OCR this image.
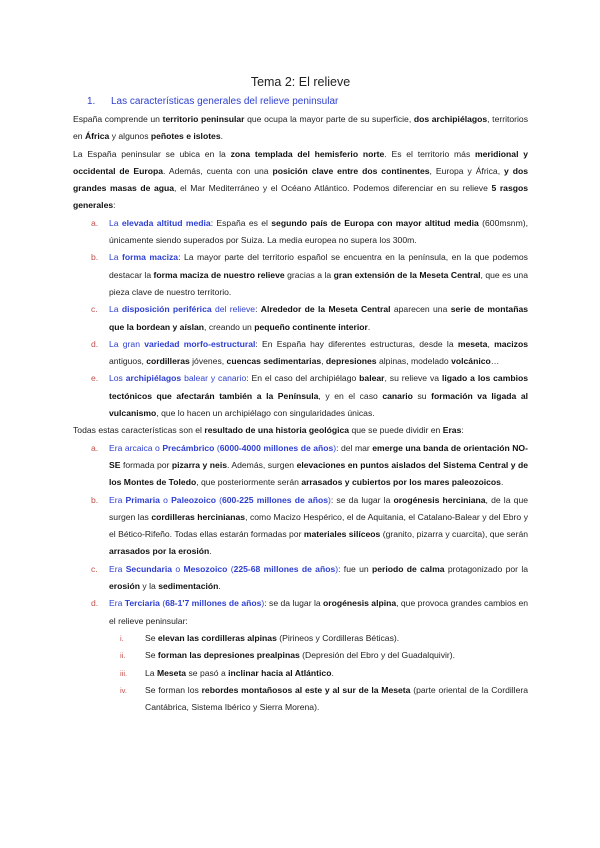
Tema 2: El relieve
1. Las características generales del relieve peninsular

España comprende un territorio peninsular que ocupa la mayor parte de su superficie, dos archipiélagos, territorios en África y algunos peñotes e islotes.

La España peninsular se ubica en la zona templada del hemisferio norte. Es el territorio más meridional y occidental de Europa. Además, cuenta con una posición clave entre dos continentes, Europa y África, y dos grandes masas de agua, el Mar Mediterráneo y el Océano Atlántico. Podemos diferenciar en su relieve 5 rasgos generales:

a. La elevada altitud media: España es el segundo país de Europa con mayor altitud media (600msnm), únicamente siendo superados por Suiza. La media europea no supera los 300m.
b. La forma maciza: La mayor parte del territorio español se encuentra en la península, en la que podemos destacar la forma maciza de nuestro relieve gracias a la gran extensión de la Meseta Central, que es una pieza clave de nuestro territorio.
c. La disposición periférica del relieve: Alrededor de la Meseta Central aparecen una serie de montañas que la bordean y aíslan, creando un pequeño continente interior.
d. La gran variedad morfo-estructural: En España hay diferentes estructuras, desde la meseta, macizos antiguos, cordilleras jóvenes, cuencas sedimentarias, depresiones alpinas, modelado volcánico…
e. Los archipiélagos balear y canario: En el caso del archipiélago balear, su relieve va ligado a los cambios tectónicos que afectarán también a la Península, y en el caso canario su formación va ligada al vulcanismo, que lo hacen un archipiélago con singularidades únicas.

Todas estas características son el resultado de una historia geológica que se puede dividir en Eras:

a. Era arcaica o Precámbrico (6000-4000 millones de años): del mar emerge una banda de orientación NO-SE formada por pizarra y neis. Además, surgen elevaciones en puntos aislados del Sistema Central y de los Montes de Toledo, que posteriormente serán arrasados y cubiertos por los mares paleozoicos.
b. Era Primaria o Paleozoico (600-225 millones de años): se da lugar la orogénesis herciniana, de la que surgen las cordilleras hercinianas, como Macizo Hespérico, el de Aquitania, el Catalano-Balear y del Ebro y el Bético-Rifeño. Todas ellas estarán formadas por materiales silíceos (granito, pizarra y cuarcita), que serán arrasados por la erosión.
c. Era Secundaria o Mesozoico (225-68 millones de años): fue un periodo de calma protagonizado por la erosión y la sedimentación.
d. Era Terciaria (68-1'7 millones de años): se da lugar la orogénesis alpina, que provoca grandes cambios en el relieve peninsular:
i. Se elevan las cordilleras alpinas (Pirineos y Cordilleras Béticas).
ii. Se forman las depresiones prealpinas (Depresión del Ebro y del Guadalquivir).
iii. La Meseta se pasó a inclinar hacia al Atlántico.
iv. Se forman los rebordes montañosos al este y al sur de la Meseta (parte oriental de la Cordillera Cantábrica, Sistema Ibérico y Sierra Morena).
